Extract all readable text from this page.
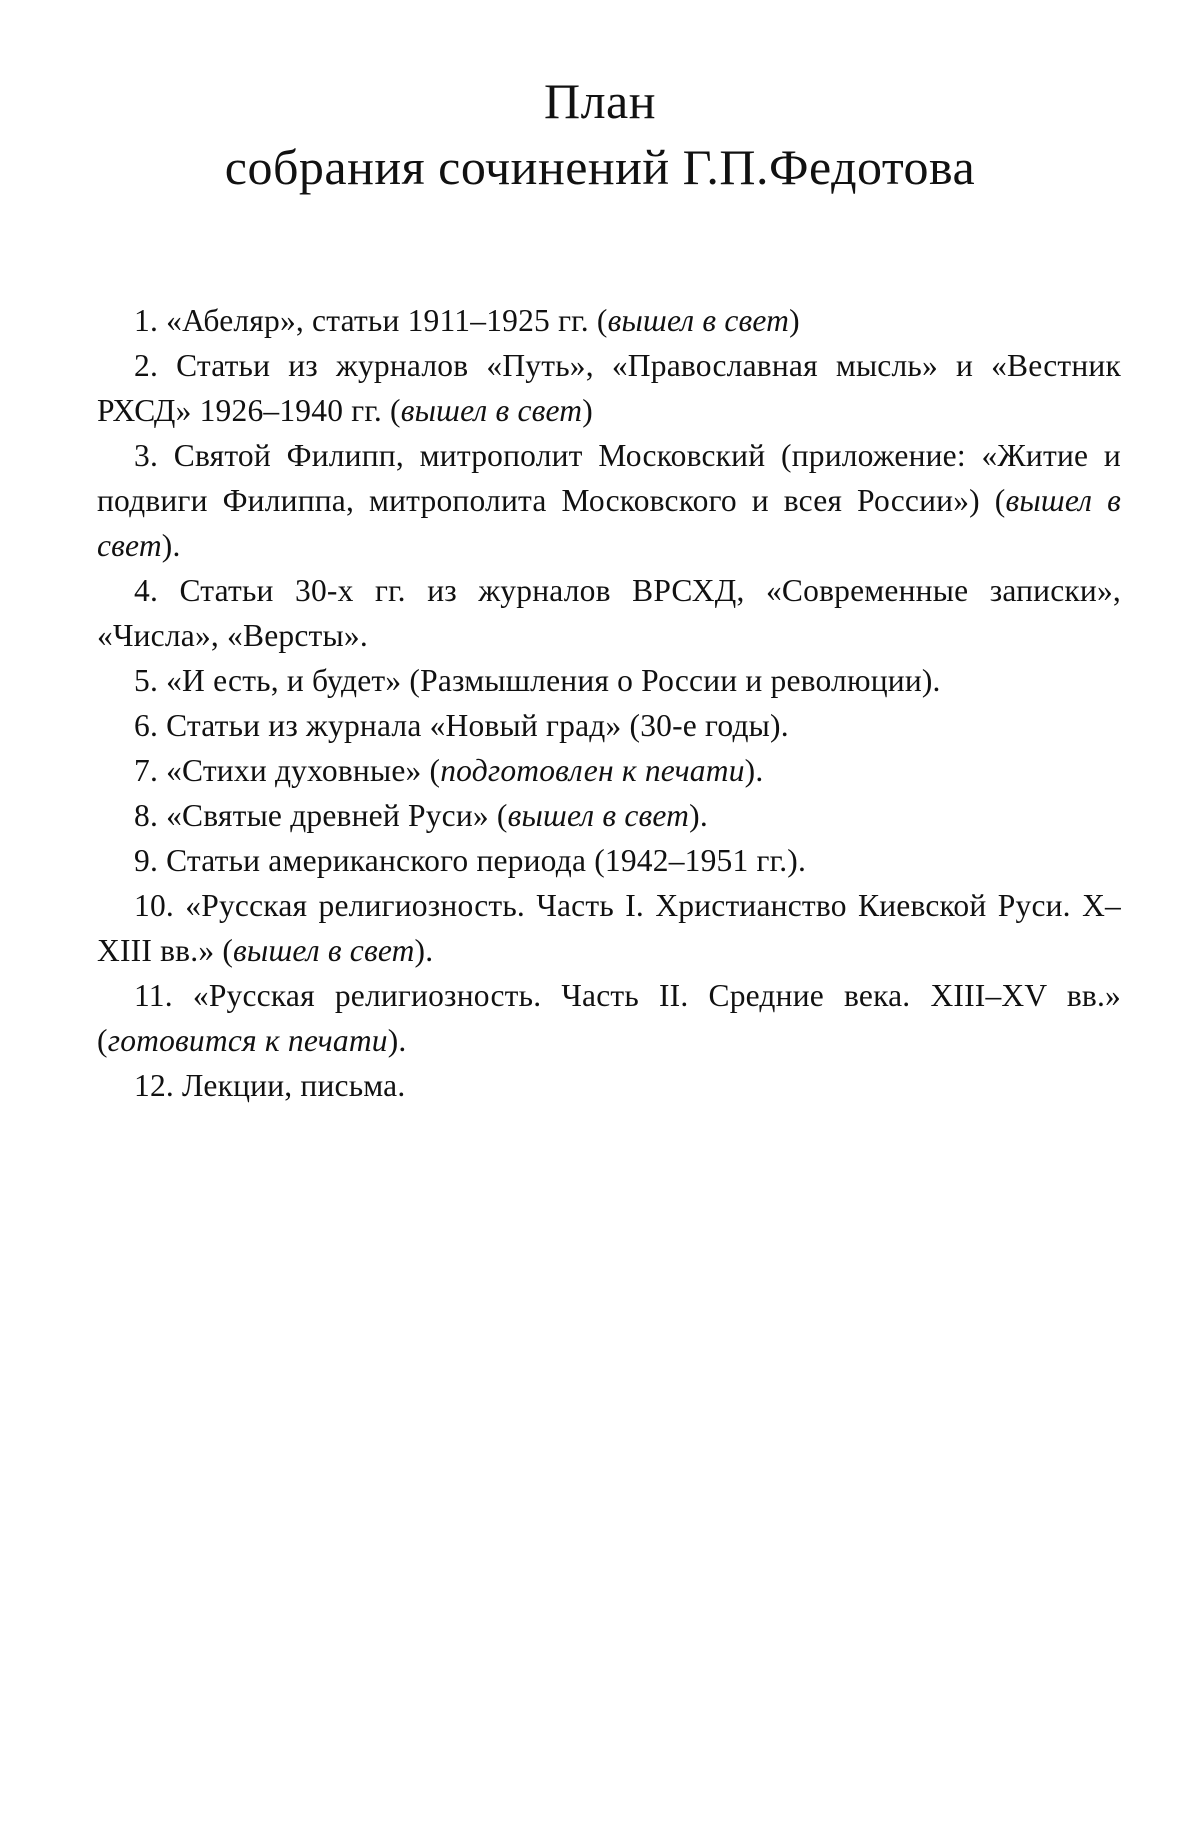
План
собрания сочинений Г.П.Федотова
1. «Абеляр», статьи 1911–1925 гг. (вышел в свет)
2. Статьи из журналов «Путь», «Православная мысль» и «Вестник РХСД» 1926–1940 гг. (вышел в свет)
3. Святой Филипп, митрополит Московский (приложение: «Житие и подвиги Филиппа, митрополита Московского и всея России») (вышел в свет).
4. Статьи 30-х гг. из журналов ВРСХД, «Современные записки», «Числа», «Версты».
5. «И есть, и будет» (Размышления о России и революции).
6. Статьи из журнала «Новый град» (30-е годы).
7. «Стихи духовные» (подготовлен к печати).
8. «Святые древней Руси» (вышел в свет).
9. Статьи американского периода (1942–1951 гг.).
10. «Русская религиозность. Часть I. Христианство Киевской Руси. X–XIII вв.» (вышел в свет).
11. «Русская религиозность. Часть II. Средние века. XIII–XV вв.» (готовится к печати).
12. Лекции, письма.
